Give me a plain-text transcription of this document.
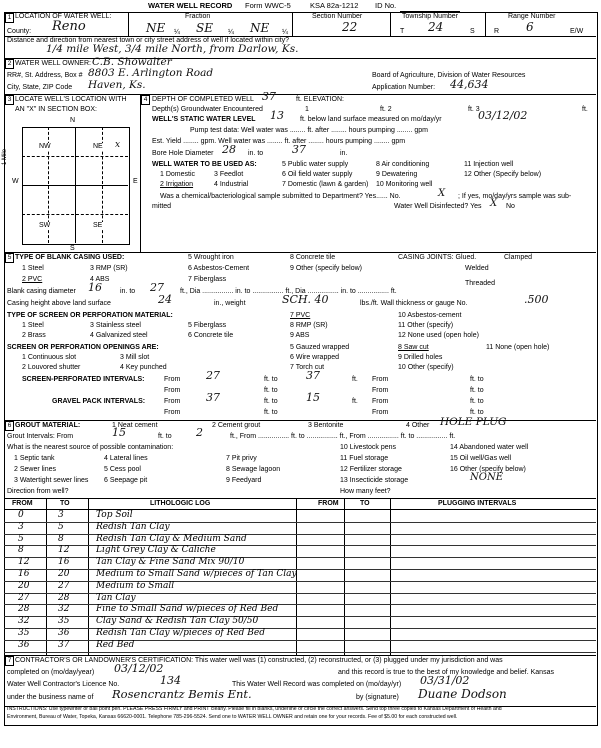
WATER WELL RECORD Form WWC-5	KSA 82a-1212 ID No.
1 LOCATION OF WATER WELL:
County: Reno
Fraction
NE ¼ SE ¼ NE ¼
Section Number
22
Township Number
T 24	S
Range Number
R 6	E/W
Distance and direction from nearest town or city street address of well if located within city?
1/4 mile West, 3/4 mile North, from Darlow, Ks.
2 WATER WELL OWNER: C.B. Showalter
RR#, St. Address, Box # 8803 E. Arlington Road
City, State, ZIP Code Haven, Ks.
Board of Agriculture, Division of Water Resources
Application Number: 44,634
3 LOCATE WELL'S LOCATION WITH
AN "X" IN SECTION BOX:
N
S
W	E
1 Mile
NW	NE
SW	SE
x
4 DEPTH OF COMPLETED WELL 37	ft. ELEVATION:
Depth(s) Groundwater Encountered	1	ft. 2	ft. 3	ft.
WELL'S STATIC WATER LEVEL 13 ft. below land surface measured on mo/day/yr	03/12/02
Pump test data: Well water was ........ ft. after ........ hours pumping ........ gpm
Est. Yield ........ gpm. Well water was ........ ft. after ........ hours pumping ........ gpm
Bore Hole Diameter 28 in. to	37	in.
WELL WATER TO BE USED AS:	5 Public water supply	8 Air conditioning	11 Injection well
1 Domestic	3 Feedlot	6 Oil field water supply	9 Dewatering	12 Other (Specify below)
2 Irrigation	4 Industrial	7 Domestic (lawn & garden) 10 Monitoring well
Was a chemical/bacteriological sample submitted to Department? Yes...... No.	X ; If yes, mo/day/yrs sample was sub-
mitted	Water Well Disinfected? Yes X No
5 TYPE OF BLANK CASING USED:	5 Wrought iron	8 Concrete tile	CASING JOINTS: Glued.	Clamped
1 Steel	3 RMP (SR)	6 Asbestos-Cement	9 Other (specify below)	Welded
2 PVC	4 ABS	7 Fiberglass
Threaded
Blank casing diameter 16	in. to 27 ft., Dia ................ in. to ................ ft., Dia ................ in. to ................ ft.
Casing height above land surface	24	in., weight	SCH. 40	lbs./ft. Wall thickness or gauge No.	.500
TYPE OF SCREEN OR PERFORATION MATERIAL:	7 PVC	10 Asbestos-cement
1 Steel	3 Stainless steel	5 Fiberglass	8 RMP (SR)	11 Other (specify)
2 Brass	4 Galvanized steel	6 Concrete tile	9 ABS	12 None used (open hole)
SCREEN OR PERFORATION OPENINGS ARE:	5 Gauzed wrapped	8 Saw cut	11 None (open hole)
1 Continuous slot	3 Mill slot	6 Wire wrapped	9 Drilled holes
2 Louvored shutter	4 Key punched	7 Torch cut	10 Other (specify)
SCREEN-PERFORATED INTERVALS:	From 27	ft. to	37	ft. From	ft. to
From	ft. to	From	ft. to
GRAVEL PACK INTERVALS:	From 37	ft. to	15	ft. From	ft. to
From	ft. to	From	ft. to
6 GROUT MATERIAL:	1 Neat cement	2 Cement grout	3 Bentonite	4 Other HOLE PLUG
Grout Intervals: From	15	ft. to 2	ft., From ................ ft. to ................ ft., From ................ ft. to ................ ft.
What is the nearest source of possible contamination:	10 Livestock pens	14 Abandoned water well
1 Septic tank	4 Lateral lines	7 Pit privy	11 Fuel storage	15 Oil well/Gas well
2 Sewer lines	5 Cess pool	8 Sewage lagoon	12 Fertilizer storage	16 Other (specify below)
3 Watertight sewer lines 6 Seepage pit	9 Feedyard	13 Insecticide storage	NONE
Direction from well?	How many feet?
FROM	TO	LITHOLOGIC LOG	FROM	TO	PLUGGING INTERVALS
0	3	Top Soil
3	5	Redish Tan Clay
5	8	Redish Tan Clay & Medium Sand
8	12	Light Grey Clay & Caliche
12	16	Tan Clay & Fine Sand Mix 90/10
16	20	Medium to Small Sand w/pieces of Tan Clay
20	27	Medium to Small
27	28	Tan Clay
28	32	Fine to Small Sand w/pieces of Red Bed
32	35	Clay Sand & Redish Tan Clay 50/50
35	36	Redish Tan Clay w/pieces of Red Bed
36	37	Red Bed
7 CONTRACTOR'S OR LANDOWNER'S CERTIFICATION: This water well was (1) constructed, (2) reconstructed, or (3) plugged under my jurisdiction and was
completed on (mo/day/year) 03/12/02	and this record is true to the best of my knowledge and belief. Kansas
Water Well Contractor's Licence No.	134	This Water Well Record was completed on (mo/day/yr) 03/31/02
under the business name of Rosencrantz Bemis Ent.	by (signature) Duane Dodson
INSTRUCTIONS: Use typewriter or ball point pen. PLEASE PRESS FIRMLY and PRINT clearly. Please fill in blanks, underline or circle the correct answers. Send top three copies to Kansas Department of Health and
Environment, Bureau of Water, Topeka, Kansas 66620-0001. Telephone 785-296-5524. Send one to WATER WELL OWNER and retain one for your records. Fee of $5.00 for each constructed well.
